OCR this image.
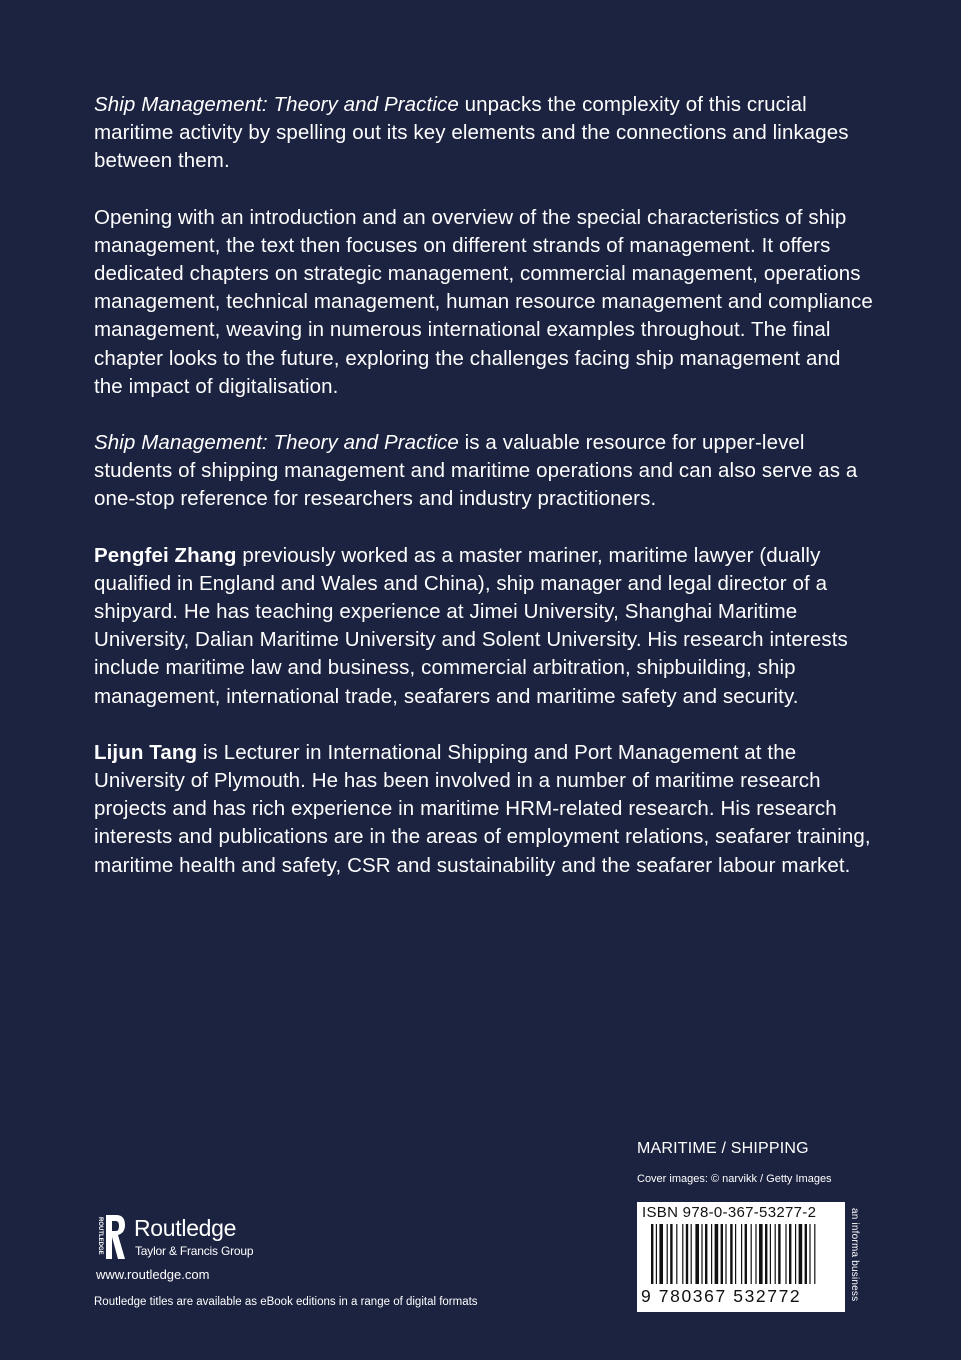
Ship Management: Theory and Practice unpacks the complexity of this crucial maritime activity by spelling out its key elements and the connections and linkages between them.

Opening with an introduction and an overview of the special characteristics of ship management, the text then focuses on different strands of management. It offers dedicated chapters on strategic management, commercial management, operations management, technical management, human resource management and compliance management, weaving in numerous international examples throughout. The final chapter looks to the future, exploring the challenges facing ship management and the impact of digitalisation.

Ship Management: Theory and Practice is a valuable resource for upper-level students of shipping management and maritime operations and can also serve as a one-stop reference for researchers and industry practitioners.

Pengfei Zhang previously worked as a master mariner, maritime lawyer (dually qualified in England and Wales and China), ship manager and legal director of a shipyard. He has teaching experience at Jimei University, Shanghai Maritime University, Dalian Maritime University and Solent University. His research interests include maritime law and business, commercial arbitration, shipbuilding, ship management, international trade, seafarers and maritime safety and security.

Lijun Tang is Lecturer in International Shipping and Port Management at the University of Plymouth. He has been involved in a number of maritime research projects and has rich experience in maritime HRM-related research. His research interests and publications are in the areas of employment relations, seafarer training, maritime health and safety, CSR and sustainability and the seafarer labour market.

MARITIME / SHIPPING
Cover images: © narvikk / Getty Images
ROUTLEDGE Routledge
Taylor & Francis Group
www.routledge.com
Routledge titles are available as eBook editions in a range of digital formats
ISBN 978-0-367-53277-2
9 780367 532772	an informa business
